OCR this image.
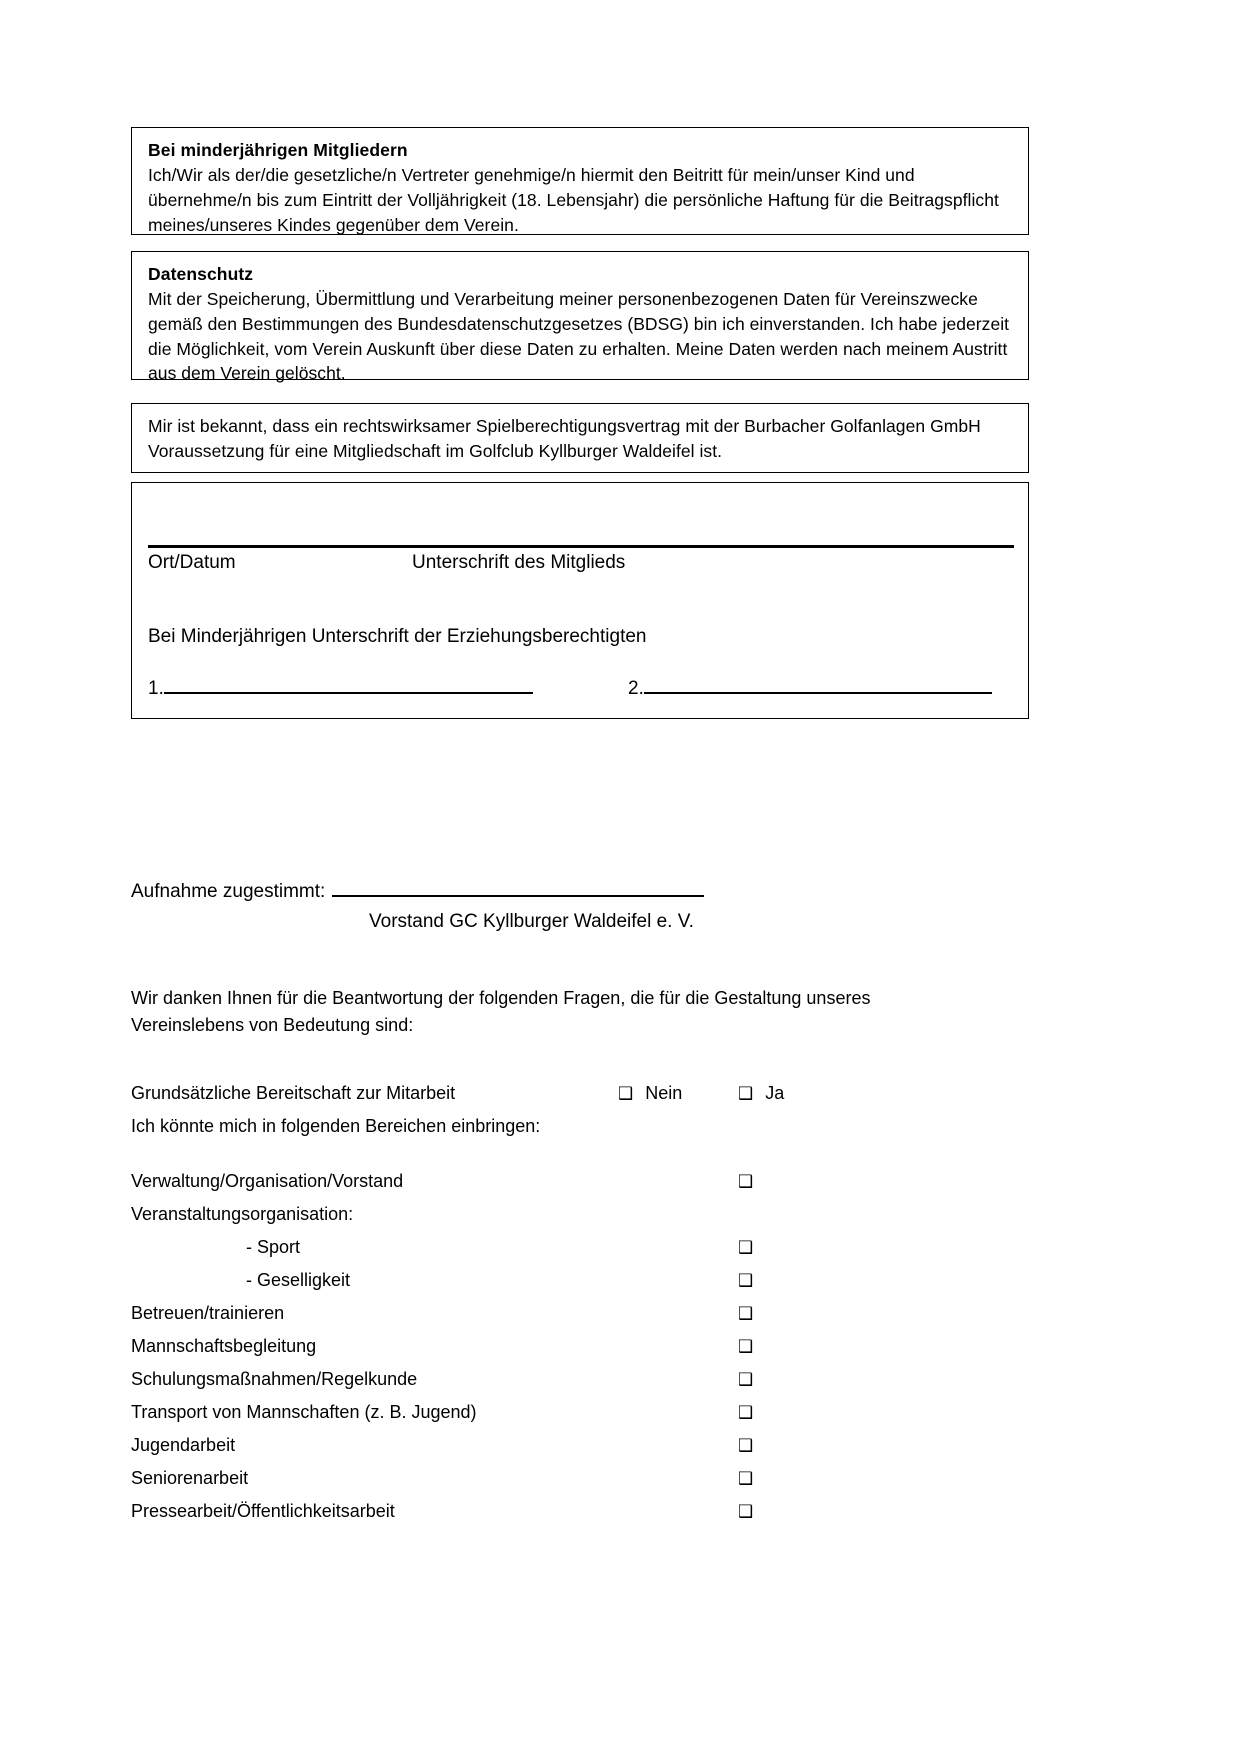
Bei minderjährigen Mitgliedern

Ich/Wir als der/die gesetzliche/n Vertreter genehmige/n hiermit den Beitritt für mein/unser Kind und übernehme/n bis zum Eintritt der Volljährigkeit (18. Lebensjahr) die persönliche Haftung für die Beitragspflicht meines/unseres Kindes gegenüber dem Verein.

Datenschutz

Mit der Speicherung, Übermittlung und Verarbeitung meiner personenbezogenen Daten für Vereinszwecke gemäß den Bestimmungen des Bundesdatenschutzgesetzes (BDSG) bin ich einverstanden. Ich habe jederzeit die Möglichkeit, vom Verein Auskunft über diese Daten zu erhalten. Meine Daten werden nach meinem Austritt aus dem Verein gelöscht.

Mir ist bekannt, dass ein rechtswirksamer Spielberechtigungsvertrag mit der Burbacher Golfanlagen GmbH Voraussetzung für eine Mitgliedschaft im Golfclub Kyllburger Waldeifel ist.

Ort/Datum	Unterschrift des Mitglieds
Bei Minderjährigen Unterschrift der Erziehungsberechtigten
1.	2.
Aufnahme zugestimmt:
Vorstand GC Kyllburger Waldeifel e. V.

Wir danken Ihnen für die Beantwortung der folgenden Fragen, die für die Gestaltung unseres

Vereinslebens von Bedeutung sind:

Grundsätzliche Bereitschaft zur Mitarbeit	❑ Nein	❑ Ja
Ich könnte mich in folgenden Bereichen einbringen:
Verwaltung/Organisation/Vorstand	❑
Veranstaltungsorganisation:
- Sport	❑
- Geselligkeit	❑
Betreuen/trainieren	❑
Mannschaftsbegleitung	❑
Schulungsmaßnahmen/Regelkunde	❑
Transport von Mannschaften (z. B. Jugend)	❑
Jugendarbeit	❑
Seniorenarbeit	❑
Pressearbeit/Öffentlichkeitsarbeit	❑
